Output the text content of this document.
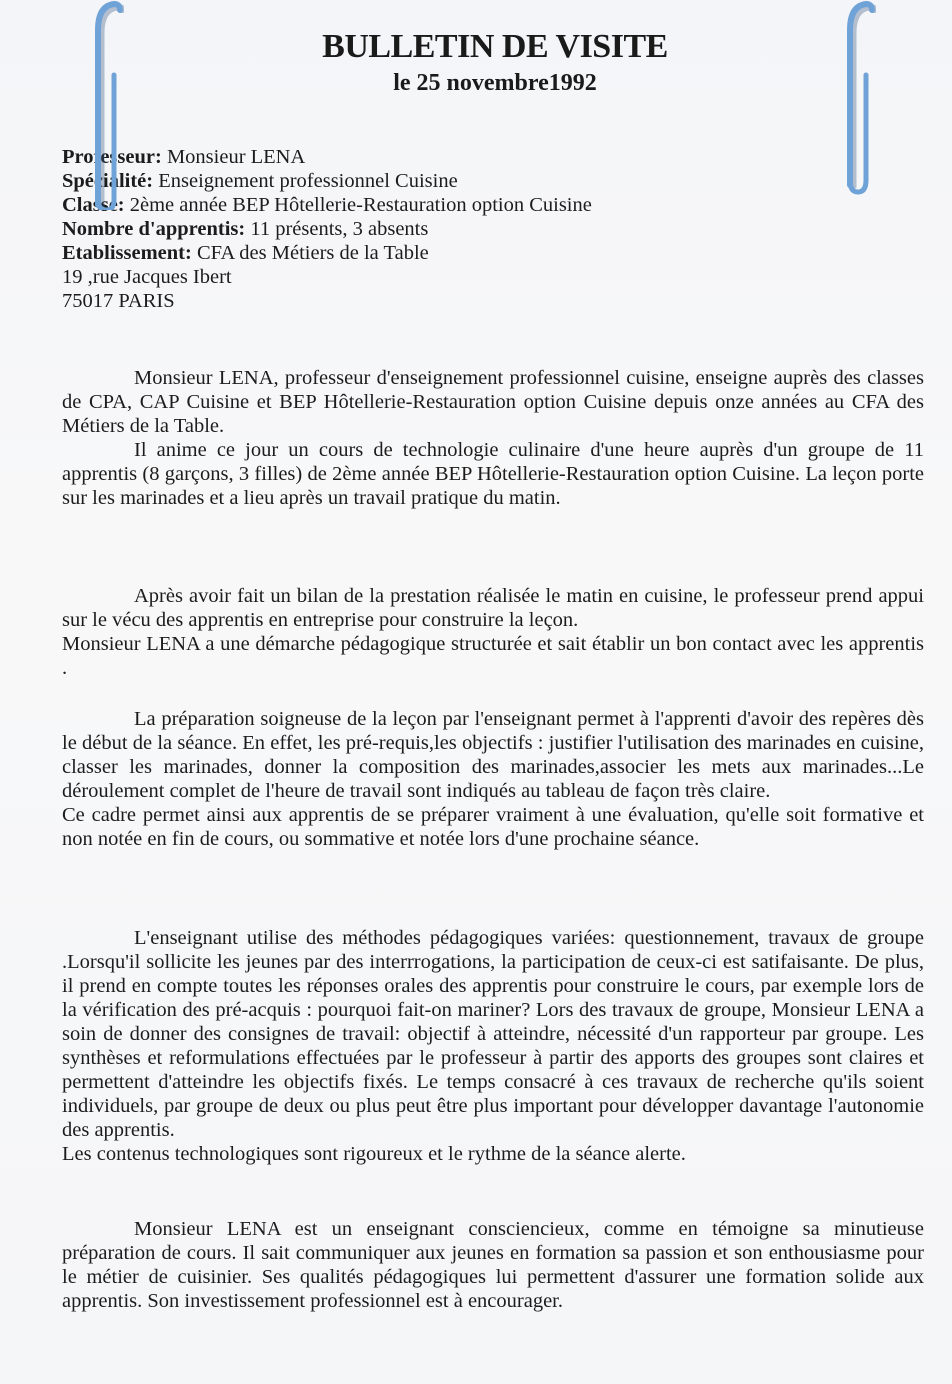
BULLETIN DE VISITE
le 25 novembre1992
Professeur: Monsieur LENA
Spécialité: Enseignement professionnel Cuisine
Classe: 2ème année BEP Hôtellerie-Restauration option Cuisine
Nombre d'apprentis: 11 présents, 3 absents
Etablissement: CFA des Métiers de la Table
19 ,rue Jacques Ibert
75017 PARIS

Monsieur LENA, professeur d'enseignement professionnel cuisine, enseigne auprès des classes de CPA, CAP Cuisine et BEP Hôtellerie-Restauration option Cuisine depuis onze années au CFA des Métiers de la Table.

Il anime ce jour un cours de technologie culinaire d'une heure auprès d'un groupe de 11 apprentis (8 garçons, 3 filles) de 2ème année BEP Hôtellerie-Restauration option Cuisine. La leçon porte sur les marinades et a lieu après un travail pratique du matin.

Après avoir fait un bilan de la prestation réalisée le matin en cuisine, le professeur prend appui sur le vécu des apprentis en entreprise pour construire la leçon.

Monsieur LENA a une démarche pédagogique structurée et sait établir un bon contact avec les apprentis .

La préparation soigneuse de la leçon par l'enseignant permet à l'apprenti d'avoir des repères dès le début de la séance. En effet, les pré-requis,les objectifs : justifier l'utilisation des marinades en cuisine, classer les marinades, donner la composition des marinades,associer les mets aux marinades...Le déroulement complet de l'heure de travail sont indiqués au tableau de façon très claire.

Ce cadre permet ainsi aux apprentis de se préparer vraiment à une évaluation, qu'elle soit formative et non notée en fin de cours, ou sommative et notée lors d'une prochaine séance.

L'enseignant utilise des méthodes pédagogiques variées: questionnement, travaux de groupe .Lorsqu'il sollicite les jeunes par des interrrogations, la participation de ceux-ci est satifaisante. De plus, il prend en compte toutes les réponses orales des apprentis pour construire le cours, par exemple lors de la vérification des pré-acquis : pourquoi fait-on mariner? Lors des travaux de groupe, Monsieur LENA a soin de donner des consignes de travail: objectif à atteindre, nécessité d'un rapporteur par groupe. Les synthèses et reformulations effectuées par le professeur à partir des apports des groupes sont claires et permettent d'atteindre les objectifs fixés. Le temps consacré à ces travaux de recherche qu'ils soient individuels, par groupe de deux ou plus peut être plus important pour développer davantage l'autonomie des apprentis.

Les contenus technologiques sont rigoureux et le rythme de la séance alerte.

Monsieur LENA est un enseignant consciencieux, comme en témoigne sa minutieuse préparation de cours. Il sait communiquer aux jeunes en formation sa passion et son enthousiasme pour le métier de cuisinier. Ses qualités pédagogiques lui permettent d'assurer une formation solide aux apprentis. Son investissement professionnel est à encourager.
